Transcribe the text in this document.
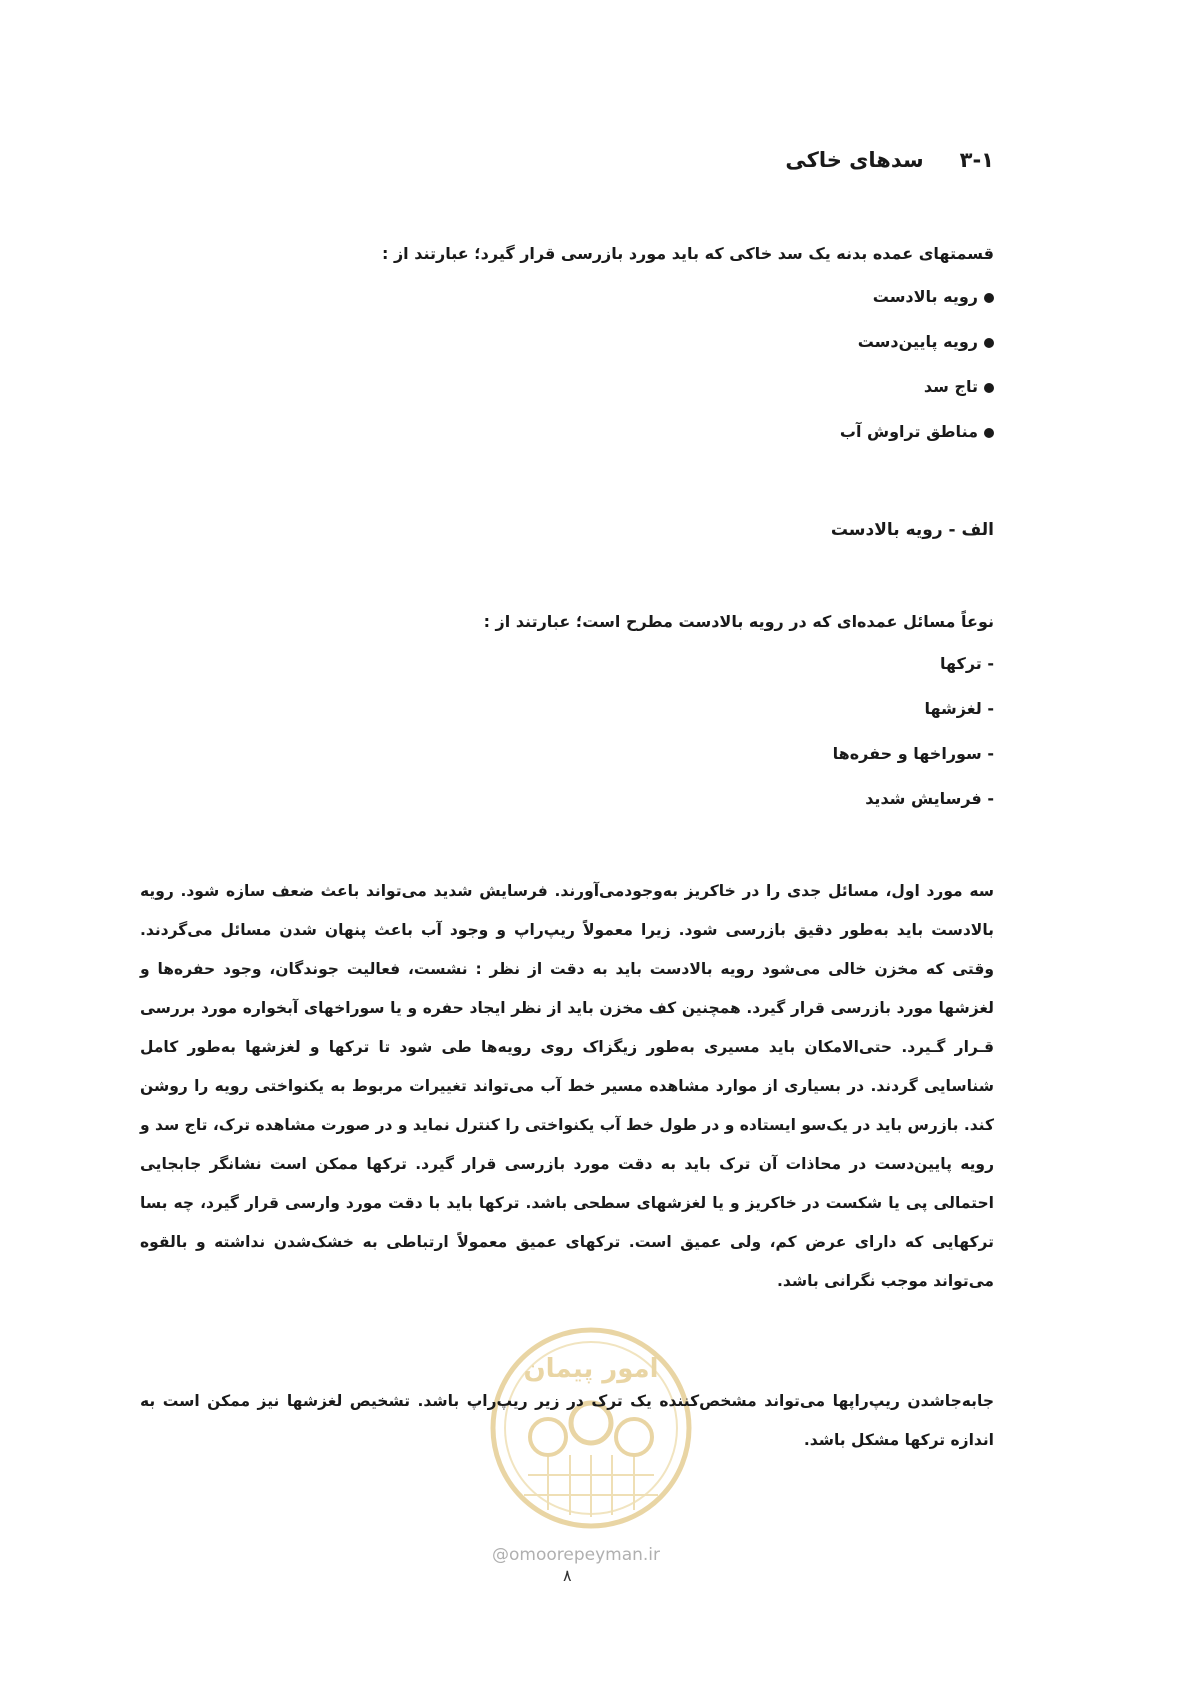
۳-۱
سدهای خاکی
قسمتهای عمده بدنه یک سد خاکی که باید مورد بازرسی قرار گیرد؛ عبارتند از :
رویه بالادست
رویه پایین‌دست
تاج سد
مناطق تراوش آب
الف - رویه بالادست
نوعاً مسائل عمده‌ای که در رویه بالادست مطرح است؛ عبارتند از :
- ترکها
- لغزشها
- سوراخها و حفره‌ها
- فرسایش شدید

سه مورد اول، مسائل جدی را در خاکریز به‌وجودمی‌آورند. فرسایش شدید می‌تواند باعث ضعف سازه شود. رویه بالادست باید به‌طور دقیق بازرسی شود. زیرا معمولاً ریپ‌راپ و وجود آب باعث پنهان شدن مسائل می‌گردند. وقتی که مخزن خالی می‌شود رویه بالادست باید به دقت از نظر : نشست، فعالیت جوندگان، وجود حفره‌ها و لغزشها مورد بازرسی قرار گیرد. همچنین کف مخزن باید از نظر ایجاد حفره و یا سوراخهای آبخواره مورد بررسی قـرار گـیرد. حتی‌الامکان باید مسیری به‌طور زیگزاک روی رویه‌ها طی شود تا ترکها و لغزشها به‌طور کامل شناسایی گردند. در بسیاری از موارد مشاهده مسیر خط آب می‌تواند تغییرات مربوط به یکنواختی رویه را روشن کند. بازرس باید در یک‌سو ایستاده و در طول خط آب یکنواختی را کنترل نماید و در صورت مشاهده ترک، تاج سد و رویه پایین‌دست در محاذات آن ترک باید به دقت مورد بازرسی قرار گیرد. ترکها ممکن است نشانگر جابجایی احتمالی پی یا شکست در خاکریز و یا لغزشهای سطحی باشد. ترکها باید با دقت مورد وارسی قرار گیرد، چه بسا ترکهایی که دارای عرض کم، ولی عمیق است. ترکهای عمیق معمولاً ارتباطی به خشک‌شدن نداشته و بالقوه می‌تواند موجب نگرانی باشد.

امور پیمان

جابه‌جاشدن ریپ‌راپها می‌تواند مشخص‌کننده یک ترک در زیر ریپ‌راپ باشد. تشخیص لغزشها نیز ممکن است به اندازه ترکها مشکل باشد.

@omoorepeyman.ir
۸
